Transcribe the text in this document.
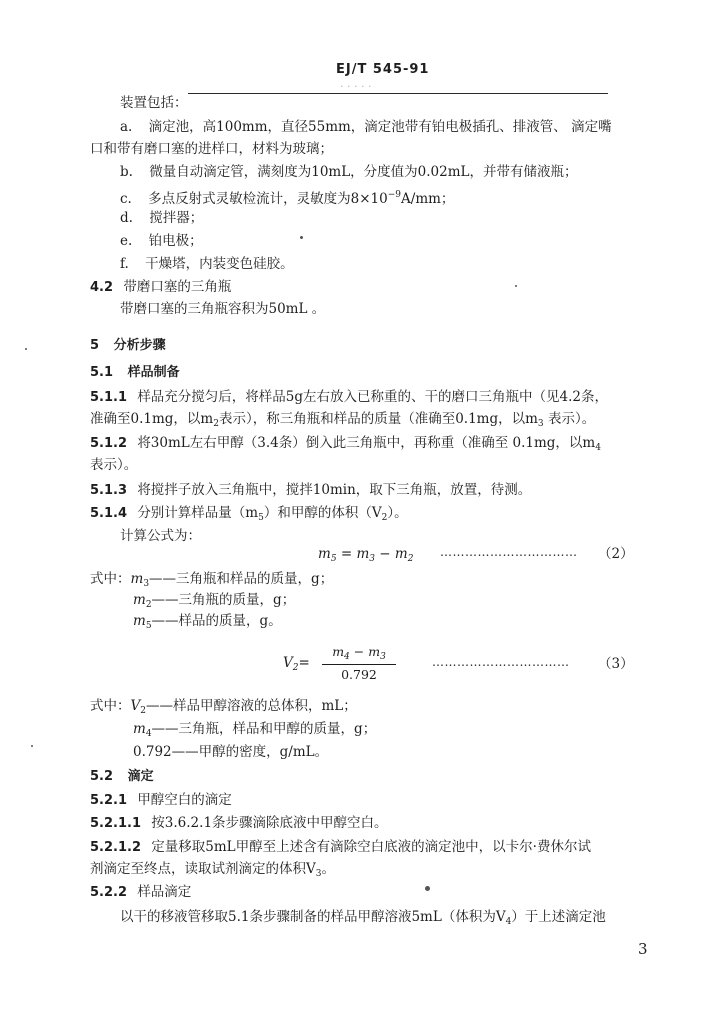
EJ/T 545-91
· · · · ·
装置包括：
a. 滴定池，高100mm，直径55mm，滴定池带有铂电极插孔、排液管、 滴定嘴
口和带有磨口塞的进样口，材料为玻璃；
b. 微量自动滴定管，满刻度为10mL，分度值为0.02mL，并带有储液瓶；
c. 多点反射式灵敏检流计，灵敏度为$8\times 10^{-9}A/mm$；
d. 搅拌器；
e. 铂电极；
f. 干燥塔，内装变色硅胶。
4.2 带磨口塞的三角瓶
带磨口塞的三角瓶容积为50mL 。
5 分析步骤
5.1 样品制备
5.1.1 样品充分搅匀后，将样品5g左右放入已称重的、干的磨口三角瓶中（见4.2条，
准确至0.1mg，以$m_2$表示），称三角瓶和样品的质量（准确至0.1mg，以$m_3$ 表示）。
5.1.2 将30mL左右甲醇（3.4条）倒入此三角瓶中，再称重（准确至 0.1mg，以$m_4$
表示）。
5.1.3 将搅拌子放入三角瓶中，搅拌10min，取下三角瓶，放置，待测。
5.1.4 分别计算样品量$(m_5)$和甲醇的体积$(V_2)$。
计算公式为：
$m_5 = m_3 - m_2$ …………………………… （2）
式中：$m_3——$三角瓶和样品的质量，g；
$m_2——$三角瓶的质量，g；
$m_5——$样品的质量，g。
$V_2=$
$m_4 - m_3$
0.792
…………………………… （3）
式中：$V_2——$样品甲醇溶液的总体积，mL；
$m_4——$三角瓶，样品和甲醇的质量，g；
0.792——甲醇的密度，g/mL。
5.2 滴定
5.2.1 甲醇空白的滴定
5.2.1.1 按3.6.2.1条步骤滴除底液中甲醇空白。
5.2.1.2 定量移取5mL甲醇至上述含有滴除空白底液的滴定池中，以卡尔·费休尔试
剂滴定至终点，读取试剂滴定的体积$V_3$。
5.2.2 样品滴定
以干的移液管移取5.1条步骤制备的样品甲醇溶液5mL（体积为$V_4$）于上述滴定池
3
